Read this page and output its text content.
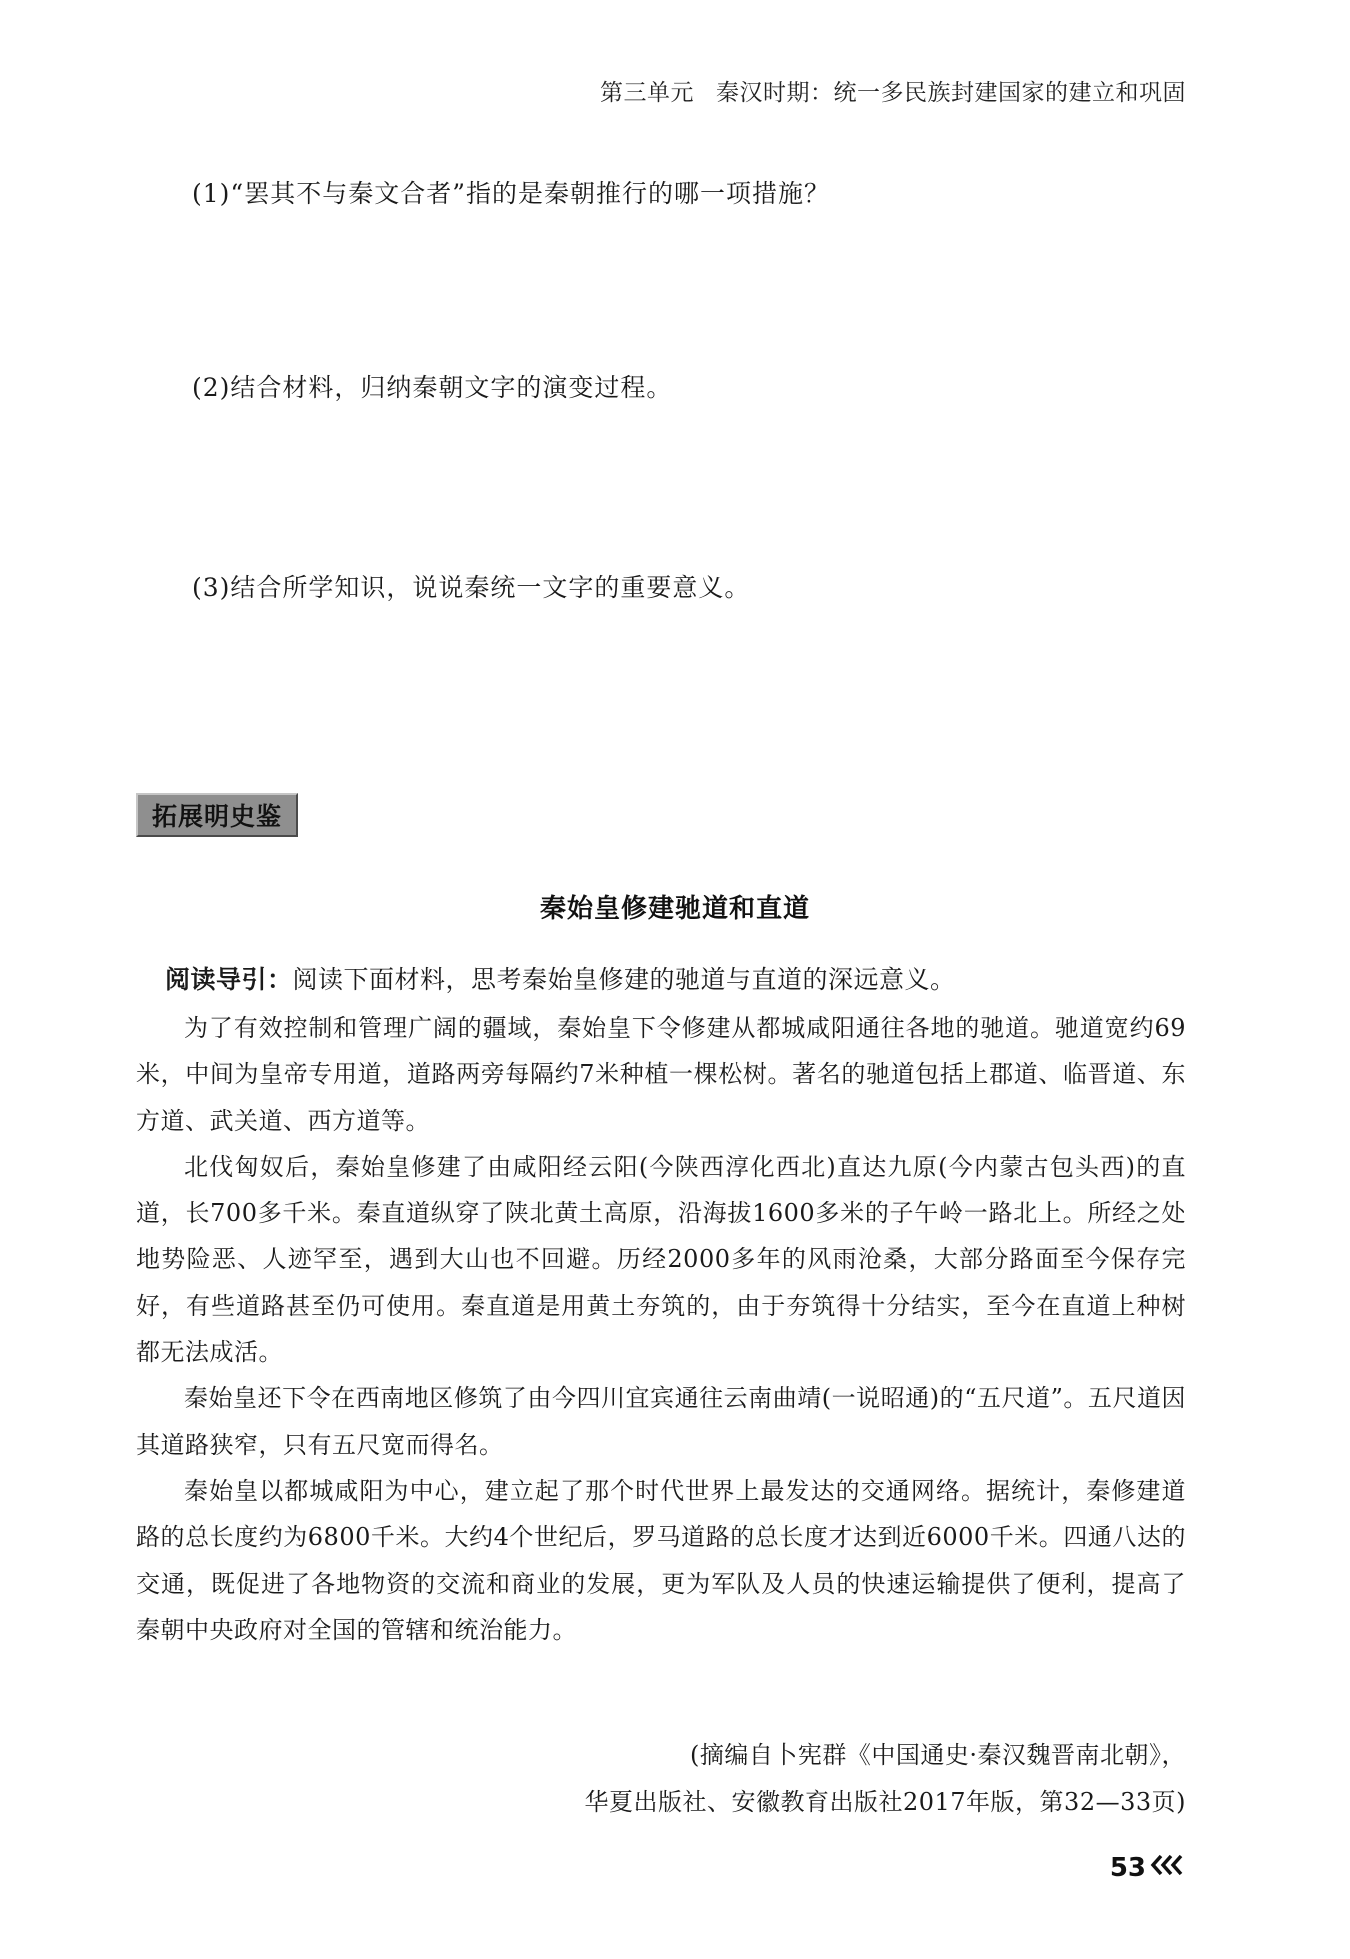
第三单元 秦汉时期：统一多民族封建国家的建立和巩固
(1)“罢其不与秦文合者”指的是秦朝推行的哪一项措施？
(2)结合材料，归纳秦朝文字的演变过程。
(3)结合所学知识，说说秦统一文字的重要意义。
拓展明史鉴
秦始皇修建驰道和直道
阅读导引：阅读下面材料，思考秦始皇修建的驰道与直道的深远意义。

为了有效控制和管理广阔的疆域，秦始皇下令修建从都城咸阳通往各地的驰道。驰道宽约69米，中间为皇帝专用道，道路两旁每隔约7米种植一棵松树。著名的驰道包括上郡道、临晋道、东方道、武关道、西方道等。

北伐匈奴后，秦始皇修建了由咸阳经云阳(今陕西淳化西北)直达九原(今内蒙古包头西)的直道，长700多千米。秦直道纵穿了陕北黄土高原，沿海拔1600多米的子午岭一路北上。所经之处地势险恶、人迹罕至，遇到大山也不回避。历经2000多年的风雨沧桑，大部分路面至今保存完好，有些道路甚至仍可使用。秦直道是用黄土夯筑的，由于夯筑得十分结实，至今在直道上种树都无法成活。

秦始皇还下令在西南地区修筑了由今四川宜宾通往云南曲靖(一说昭通)的“五尺道”。五尺道因其道路狭窄，只有五尺宽而得名。

秦始皇以都城咸阳为中心，建立起了那个时代世界上最发达的交通网络。据统计，秦修建道路的总长度约为6800千米。大约4个世纪后，罗马道路的总长度才达到近6000千米。四通八达的交通，既促进了各地物资的交流和商业的发展，更为军队及人员的快速运输提供了便利，提高了秦朝中央政府对全国的管辖和统治能力。

(摘编自卜宪群《中国通史·秦汉魏晋南北朝》，
华夏出版社、安徽教育出版社2017年版，第32—33页)
53
